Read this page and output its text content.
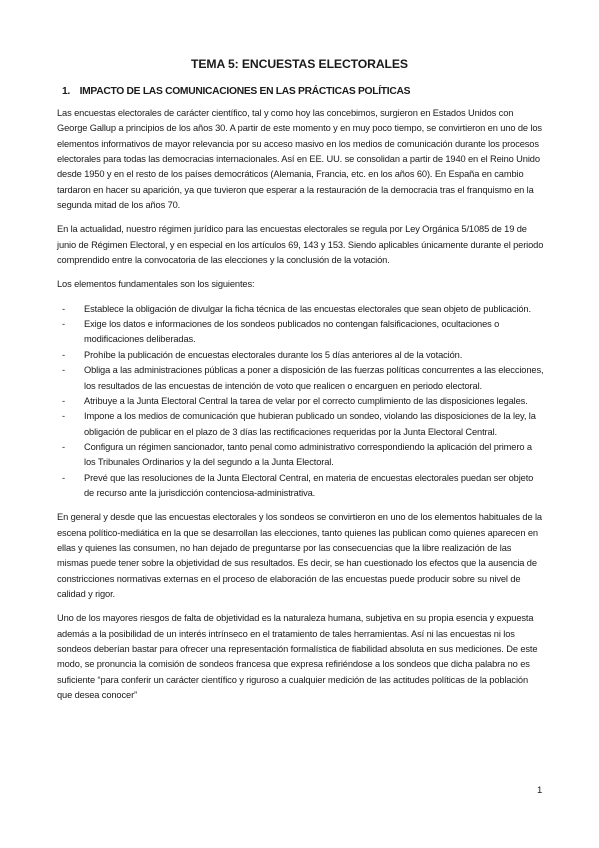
TEMA 5: ENCUESTAS ELECTORALES
1. IMPACTO DE LAS COMUNICACIONES EN LAS PRÁCTICAS POLÍTICAS

Las encuestas electorales de carácter científico, tal y como hoy las concebimos, surgieron en Estados Unidos con George Gallup a principios de los años 30. A partir de este momento y en muy poco tiempo, se convirtieron en uno de los elementos informativos de mayor relevancia por su acceso masivo en los medios de comunicación durante los procesos electorales para todas las democracias internacionales. Así en EE. UU. se consolidan a partir de 1940 en el Reino Unido desde 1950 y en el resto de los países democráticos (Alemania, Francia, etc. en los años 60). En España en cambio tardaron en hacer su aparición, ya que tuvieron que esperar a la restauración de la democracia tras el franquismo en la segunda mitad de los años 70.

En la actualidad, nuestro régimen jurídico para las encuestas electorales se regula por Ley Orgánica 5/1085 de 19 de junio de Régimen Electoral, y en especial en los artículos 69, 143 y 153. Siendo aplicables únicamente durante el periodo comprendido entre la convocatoria de las elecciones y la conclusión de la votación.

Los elementos fundamentales son los siguientes:

- Establece la obligación de divulgar la ficha técnica de las encuestas electorales que sean objeto de publicación.
- Exige los datos e informaciones de los sondeos publicados no contengan falsificaciones, ocultaciones o modificaciones deliberadas.
- Prohíbe la publicación de encuestas electorales durante los 5 días anteriores al de la votación.
- Obliga a las administraciones públicas a poner a disposición de las fuerzas políticas concurrentes a las elecciones, los resultados de las encuestas de intención de voto que realicen o encarguen en periodo electoral.
- Atribuye a la Junta Electoral Central la tarea de velar por el correcto cumplimiento de las disposiciones legales.
- Impone a los medios de comunicación que hubieran publicado un sondeo, violando las disposiciones de la ley, la obligación de publicar en el plazo de 3 días las rectificaciones requeridas por la Junta Electoral Central.
- Configura un régimen sancionador, tanto penal como administrativo correspondiendo la aplicación del primero a los Tribunales Ordinarios y la del segundo a la Junta Electoral.
- Prevé que las resoluciones de la Junta Electoral Central, en materia de encuestas electorales puedan ser objeto de recurso ante la jurisdicción contenciosa-administrativa.

En general y desde que las encuestas electorales y los sondeos se convirtieron en uno de los elementos habituales de la escena político-mediática en la que se desarrollan las elecciones, tanto quienes las publican como quienes aparecen en ellas y quienes las consumen, no han dejado de preguntarse por las consecuencias que la libre realización de las mismas puede tener sobre la objetividad de sus resultados. Es decir, se han cuestionado los efectos que la ausencia de constricciones normativas externas en el proceso de elaboración de las encuestas puede producir sobre su nivel de calidad y rigor.

Uno de los mayores riesgos de falta de objetividad es la naturaleza humana, subjetiva en su propia esencia y expuesta además a la posibilidad de un interés intrínseco en el tratamiento de tales herramientas. Así ni las encuestas ni los sondeos deberían bastar para ofrecer una representación formalística de fiabilidad absoluta en sus mediciones. De este modo, se pronuncia la comisión de sondeos francesa que expresa refiriéndose a los sondeos que dicha palabra no es suficiente “para conferir un carácter científico y riguroso a cualquier medición de las actitudes políticas de la población que desea conocer”

1
